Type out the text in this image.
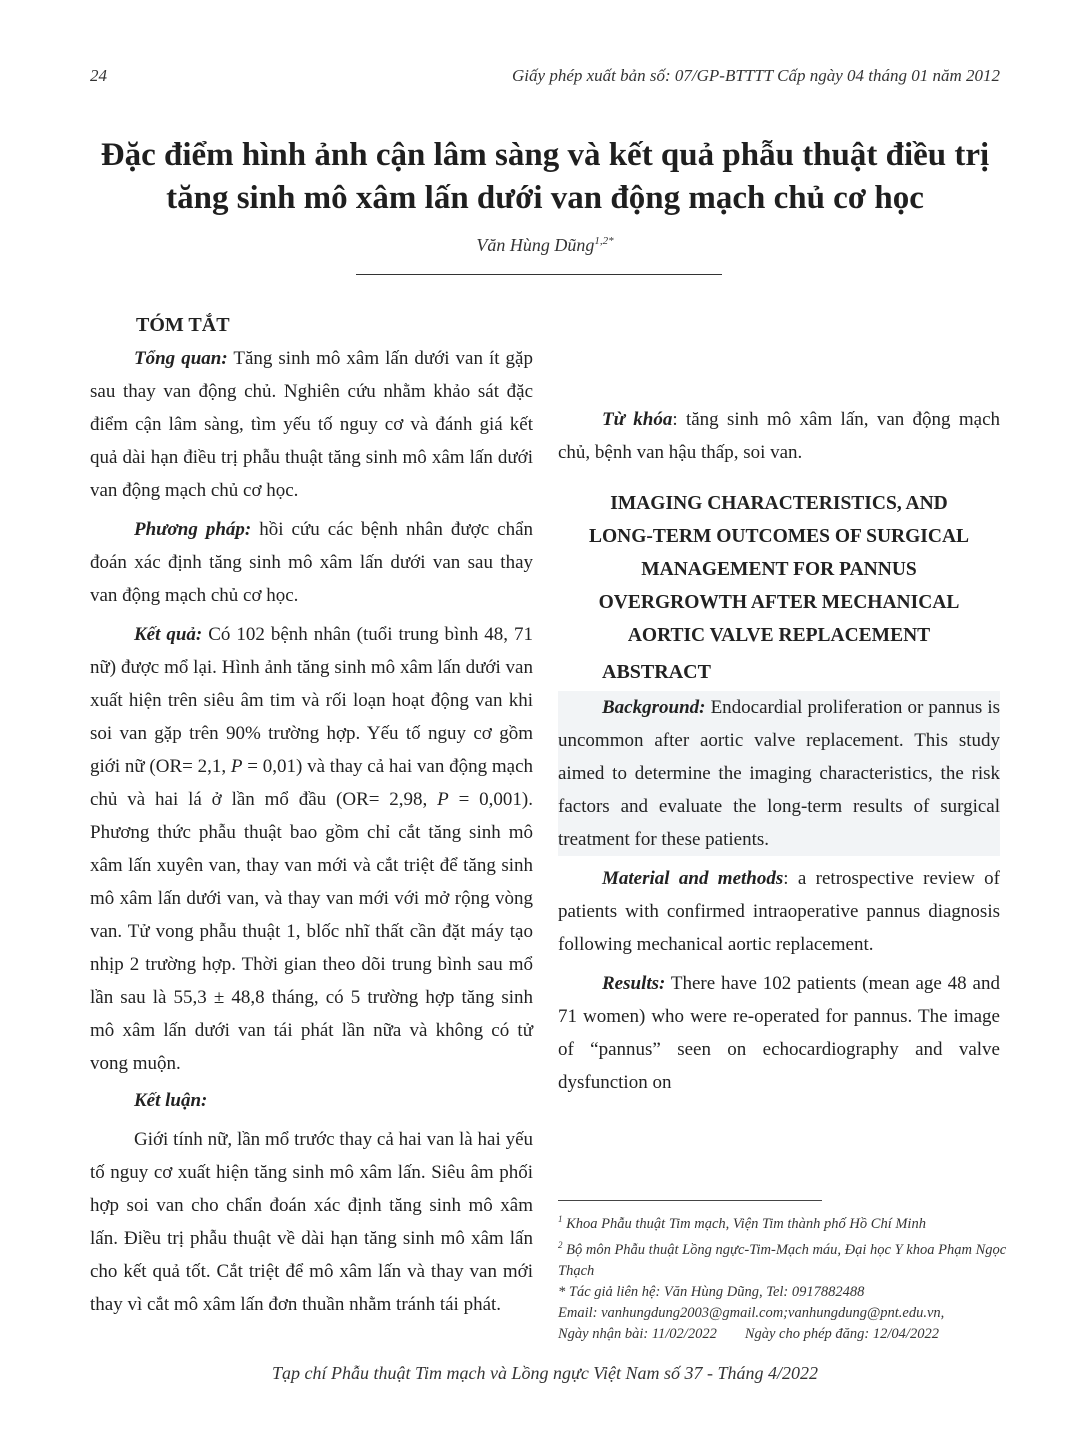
24	Giấy phép xuất bản số: 07/GP-BTTTT Cấp ngày 04 tháng 01 năm 2012
Đặc điểm hình ảnh cận lâm sàng và kết quả phẫu thuật điều trị
tăng sinh mô xâm lấn dưới van động mạch chủ cơ học
Văn Hùng Dũng$^{1,2*}$
TÓM TẮT

Tổng quan: Tăng sinh mô xâm lấn dưới van ít gặp sau thay van động chủ. Nghiên cứu nhằm khảo sát đặc điểm cận lâm sàng, tìm yếu tố nguy cơ và đánh giá kết quả dài hạn điều trị phẫu thuật tăng sinh mô xâm lấn dưới van động mạch chủ cơ học.

Phương pháp: hồi cứu các bệnh nhân được chẩn đoán xác định tăng sinh mô xâm lấn dưới van sau thay van động mạch chủ cơ học.

Kết quả: Có 102 bệnh nhân (tuổi trung bình 48, 71 nữ) được mổ lại. Hình ảnh tăng sinh mô xâm lấn dưới van xuất hiện trên siêu âm tim và rối loạn hoạt động van khi soi van gặp trên 90% trường hợp. Yếu tố nguy cơ gồm giới nữ (OR= 2,1, P = 0,01) và thay cả hai van động mạch chủ và hai lá ở lần mổ đầu (OR= 2,98, P = 0,001). Phương thức phẫu thuật bao gồm chỉ cắt tăng sinh mô xâm lấn xuyên van, thay van mới và cắt triệt để tăng sinh mô xâm lấn dưới van, và thay van mới với mở rộng vòng van. Tử vong phẫu thuật 1, blốc nhĩ thất cần đặt máy tạo nhịp 2 trường hợp. Thời gian theo dõi trung bình sau mổ lần sau là 55,3 ± 48,8 tháng, có 5 trường hợp tăng sinh mô xâm lấn dưới van tái phát lần nữa và không có tử vong muộn.

Kết luận:

Giới tính nữ, lần mổ trước thay cả hai van là hai yếu tố nguy cơ xuất hiện tăng sinh mô xâm lấn. Siêu âm phối hợp soi van cho chẩn đoán xác định tăng sinh mô xâm lấn. Điều trị phẫu thuật về dài hạn tăng sinh mô xâm lấn cho kết quả tốt. Cắt triệt để mô xâm lấn và thay van mới thay vì cắt mô xâm lấn đơn thuần nhằm tránh tái phát.

Từ khóa: tăng sinh mô xâm lấn, van động mạch chủ, bệnh van hậu thấp, soi van.

IMAGING CHARACTERISTICS, AND
LONG-TERM OUTCOMES OF SURGICAL
MANAGEMENT FOR PANNUS
OVERGROWTH AFTER MECHANICAL
AORTIC VALVE REPLACEMENT
ABSTRACT

Background: Endocardial proliferation or pannus is uncommon after aortic valve replacement. This study aimed to determine the imaging characteristics, the risk factors and evaluate the long-term results of surgical treatment for these patients.

Material and methods: a retrospective review of patients with confirmed intraoperative pannus diagnosis following mechanical aortic replacement.

Results: There have 102 patients (mean age 48 and 71 women) who were re-operated for pannus. The image of “pannus” seen on echocardiography and valve dysfunction on

$^1$ Khoa Phẫu thuật Tim mạch, Viện Tim thành phố Hồ Chí Minh
$^2$ Bộ môn Phẫu thuật Lồng ngực-Tim-Mạch máu, Đại học Y khoa Phạm Ngọc Thạch
* Tác giả liên hệ: Văn Hùng Dũng, Tel: 0917882488
Email: vanhungdung2003@gmail.com;vanhungdung@pnt.edu.vn,
Ngày nhận bài: 11/02/2022 Ngày cho phép đăng: 12/04/2022
Tạp chí Phẫu thuật Tim mạch và Lồng ngực Việt Nam số 37 - Tháng 4/2022
